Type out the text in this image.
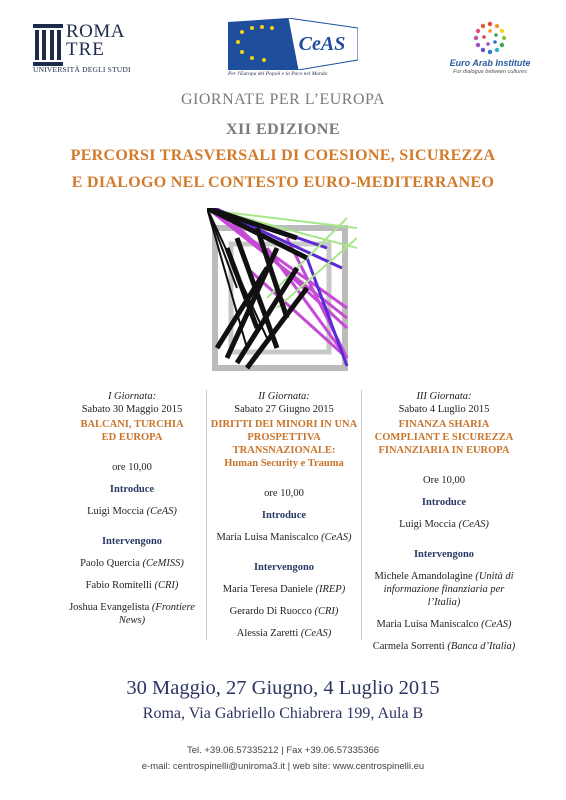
ROMA
TRE
UNIVERSITÀ DEGLI STUDI
CeAS
Per l'Europa dei Popoli e la Pace nel Mondo
Euro Arab Institute
For dialogue between cultures
GIORNATE PER L’EUROPA
XII EDIZIONE
PERCORSI TRASVERSALI DI COESIONE, SICUREZZA
E DIALOGO NEL CONTESTO EURO-MEDITERRANEO

I Giornata:

Sabato 30 Maggio 2015

BALCANI, TURCHIA

ED EUROPA

ore 10,00

Introduce

Luigi Moccia (CeAS)

Intervengono

Paolo Quercia (CeMISS)

Fabio Romitelli (CRI)

Joshua Evangelista (Frontiere

News)

II Giornata:

Sabato 27 Giugno 2015

DIRITTI DEI MINORI IN UNA

PROSPETTIVA

TRANSNAZIONALE:

Human Security e Trauma

ore 10,00

Introduce

Maria Luisa Maniscalco (CeAS)

Intervengono

Maria Teresa Daniele (IREP)

Gerardo Di Ruocco (CRI)

Alessia Zaretti (CeAS)

III Giornata:

Sabato 4 Luglio 2015

FINANZA SHARIA

COMPLIANT E SICUREZZA

FINANZIARIA IN EUROPA

Ore 10,00

Introduce

Luigi Moccia (CeAS)

Intervengono

Michele Amandolagine (Unità di

informazione finanziaria per

l’Italia)

Maria Luisa Maniscalco (CeAS)

Carmela Sorrenti (Banca d’Italia)

30 Maggio, 27 Giugno, 4 Luglio 2015
Roma, Via Gabriello Chiabrera 199, Aula B
Tel. +39.06.57335212 | Fax +39.06.57335366
e-mail: centrospinelli@uniroma3.it | web site: www.centrospinelli.eu
